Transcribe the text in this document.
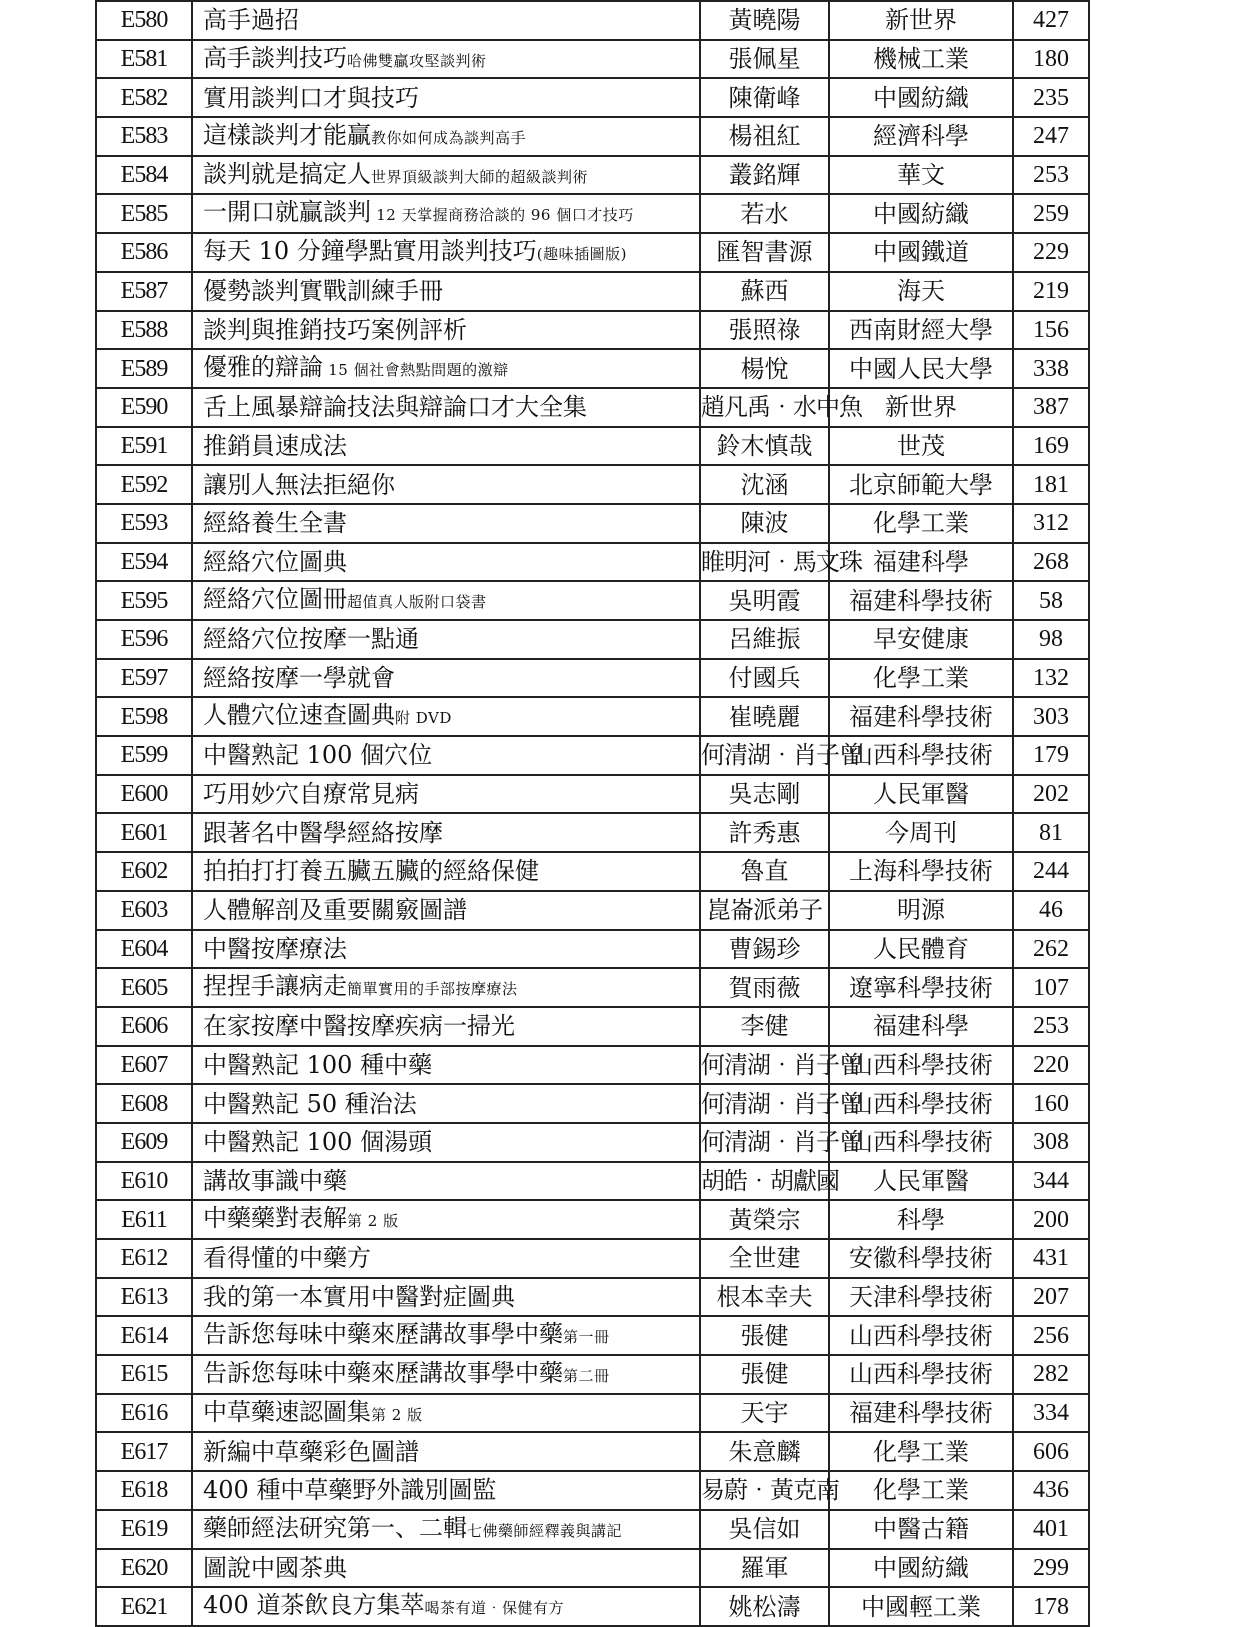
E580	高手過招	黃曉陽	新世界	427
E581	高手談判技巧哈佛雙贏攻堅談判術	張佩星	機械工業	180
E582	實用談判口才與技巧	陳衛峰	中國紡織	235
E583	這樣談判才能贏教你如何成為談判高手	楊祖紅	經濟科學	247
E584	談判就是搞定人世界頂級談判大師的超級談判術	叢銘輝	華文	253
E585	一開口就贏談判 12 天掌握商務洽談的 96 個口才技巧	若水	中國紡織	259
E586	每天 10 分鐘學點實用談判技巧(趣味插圖版)	匯智書源	中國鐵道	229
E587	優勢談判實戰訓練手冊	蘇西	海天	219
E588	談判與推銷技巧案例評析	張照祿	西南財經大學	156
E589	優雅的辯論 15 個社會熱點問題的激辯	楊悅	中國人民大學	338
E590	舌上風暴辯論技法與辯論口才大全集	趙凡禹‧水中魚	新世界	387
E591	推銷員速成法	鈴木慎哉	世茂	169
E592	讓別人無法拒絕你	沈涵	北京師範大學	181
E593	經絡養生全書	陳波	化學工業	312
E594	經絡穴位圖典	睢明河‧馬文珠	福建科學	268
E595	經絡穴位圖冊超值真人版附口袋書	吳明霞	福建科學技術	58
E596	經絡穴位按摩一點通	呂維振	早安健康	98
E597	經絡按摩一學就會	付國兵	化學工業	132
E598	人體穴位速查圖典附 DVD	崔曉麗	福建科學技術	303
E599	中醫熟記 100 個穴位	何清湖‧肖子曾	山西科學技術	179
E600	巧用妙穴自療常見病	吳志剛	人民軍醫	202
E601	跟著名中醫學經絡按摩	許秀惠	今周刊	81
E602	拍拍打打養五臟五臟的經絡保健	魯直	上海科學技術	244
E603	人體解剖及重要關竅圖譜	崑崙派弟子	明源	46
E604	中醫按摩療法	曹錫珍	人民體育	262
E605	捏捏手讓病走簡單實用的手部按摩療法	賀雨薇	遼寧科學技術	107
E606	在家按摩中醫按摩疾病一掃光	李健	福建科學	253
E607	中醫熟記 100 種中藥	何清湖‧肖子曾	山西科學技術	220
E608	中醫熟記 50 種治法	何清湖‧肖子曾	山西科學技術	160
E609	中醫熟記 100 個湯頭	何清湖‧肖子曾	山西科學技術	308
E610	講故事識中藥	胡皓‧胡獻國	人民軍醫	344
E611	中藥藥對表解第 2 版	黃榮宗	科學	200
E612	看得懂的中藥方	全世建	安徽科學技術	431
E613	我的第一本實用中醫對症圖典	根本幸夫	天津科學技術	207
E614	告訴您每味中藥來歷講故事學中藥第一冊	張健	山西科學技術	256
E615	告訴您每味中藥來歷講故事學中藥第二冊	張健	山西科學技術	282
E616	中草藥速認圖集第 2 版	天宇	福建科學技術	334
E617	新編中草藥彩色圖譜	朱意麟	化學工業	606
E618	400 種中草藥野外識別圖監	易蔚‧黃克南	化學工業	436
E619	藥師經法研究第一、二輯七佛藥師經釋義與講記	吳信如	中醫古籍	401
E620	圖說中國茶典	羅軍	中國紡織	299
E621	400 道茶飲良方集萃喝茶有道‧保健有方	姚松濤	中國輕工業	178
